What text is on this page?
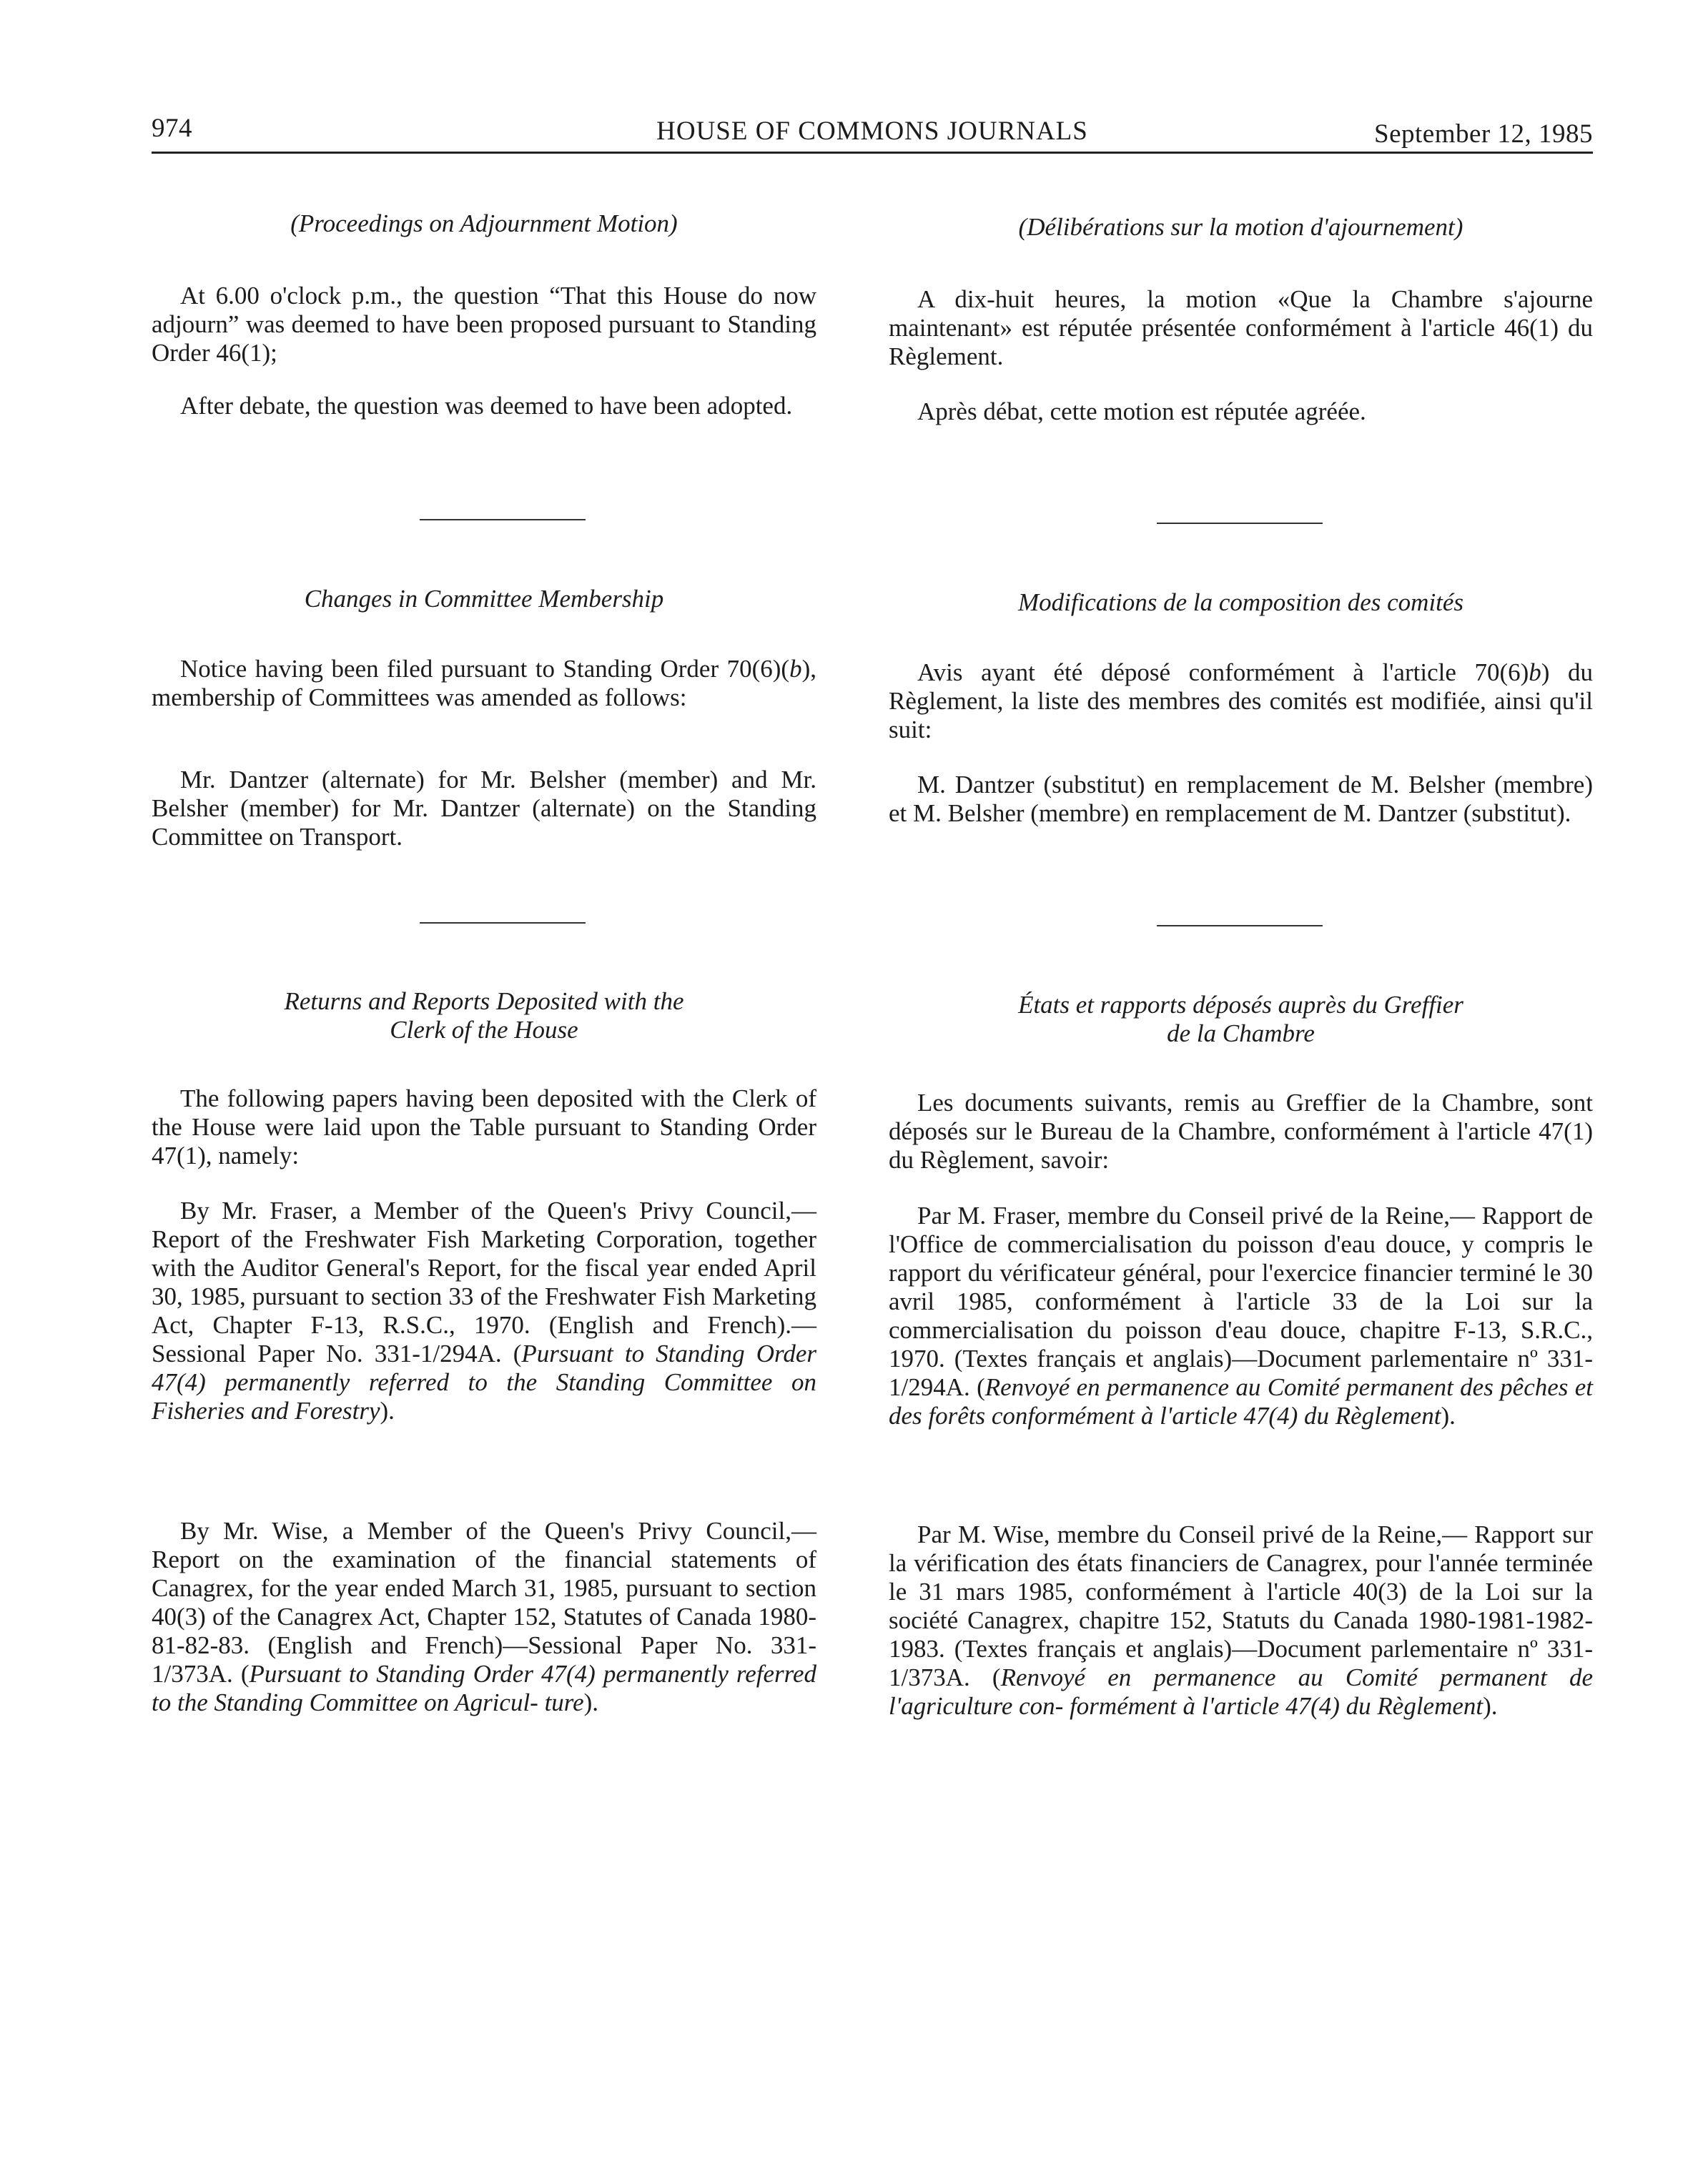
974	HOUSE OF COMMONS JOURNALS	September 12, 1985
(Proceedings on Adjournment Motion)
At 6.00 o'clock p.m., the question “That this House do now adjourn” was deemed to have been proposed pursuant to Standing Order 46(1);
After debate, the question was deemed to have been adopted.
Changes in Committee Membership
Notice having been filed pursuant to Standing Order 70(6)(b), membership of Committees was amended as follows:
Mr. Dantzer (alternate) for Mr. Belsher (member) and Mr. Belsher (member) for Mr. Dantzer (alternate) on the Standing Committee on Transport.
Returns and Reports Deposited with the
Clerk of the House
The following papers having been deposited with the Clerk of the House were laid upon the Table pursuant to Standing Order 47(1), namely:
By Mr. Fraser, a Member of the Queen's Privy Council,— Report of the Freshwater Fish Marketing Corporation, together with the Auditor General's Report, for the fiscal year ended April 30, 1985, pursuant to section 33 of the Freshwater Fish Marketing Act, Chapter F-13, R.S.C., 1970. (English and French).—Sessional Paper No. 331-1/294A. (Pursuant to Standing Order 47(4) permanently referred to the Standing Committee on Fisheries and Forestry).
By Mr. Wise, a Member of the Queen's Privy Council,— Report on the examination of the financial statements of Canagrex, for the year ended March 31, 1985, pursuant to section 40(3) of the Canagrex Act, Chapter 152, Statutes of Canada 1980-81-82-83. (English and French)—Sessional Paper No. 331-1/373A. (Pursuant to Standing Order 47(4) permanently referred to the Standing Committee on Agricul- ture).
(Délibérations sur la motion d'ajournement)
A dix-huit heures, la motion «Que la Chambre s'ajourne maintenant» est réputée présentée conformément à l'article 46(1) du Règlement.
Après débat, cette motion est réputée agréée.
Modifications de la composition des comités
Avis ayant été déposé conformément à l'article 70(6)b) du Règlement, la liste des membres des comités est modifiée, ainsi qu'il suit:
M. Dantzer (substitut) en remplacement de M. Belsher (membre) et M. Belsher (membre) en remplacement de M. Dantzer (substitut).
États et rapports déposés auprès du Greffier
de la Chambre
Les documents suivants, remis au Greffier de la Chambre, sont déposés sur le Bureau de la Chambre, conformément à l'article 47(1) du Règlement, savoir:
Par M. Fraser, membre du Conseil privé de la Reine,— Rapport de l'Office de commercialisation du poisson d'eau douce, y compris le rapport du vérificateur général, pour l'exercice financier terminé le 30 avril 1985, conformément à l'article 33 de la Loi sur la commercialisation du poisson d'eau douce, chapitre F-13, S.R.C., 1970. (Textes français et anglais)—Document parlementaire nº 331-1/294A. (Renvoyé en permanence au Comité permanent des pêches et des forêts conformément à l'article 47(4) du Règlement).
Par M. Wise, membre du Conseil privé de la Reine,— Rapport sur la vérification des états financiers de Canagrex, pour l'année terminée le 31 mars 1985, conformément à l'article 40(3) de la Loi sur la société Canagrex, chapitre 152, Statuts du Canada 1980-1981-1982-1983. (Textes français et anglais)—Document parlementaire nº 331-1/373A. (Renvoyé en permanence au Comité permanent de l'agriculture con- formément à l'article 47(4) du Règlement).
